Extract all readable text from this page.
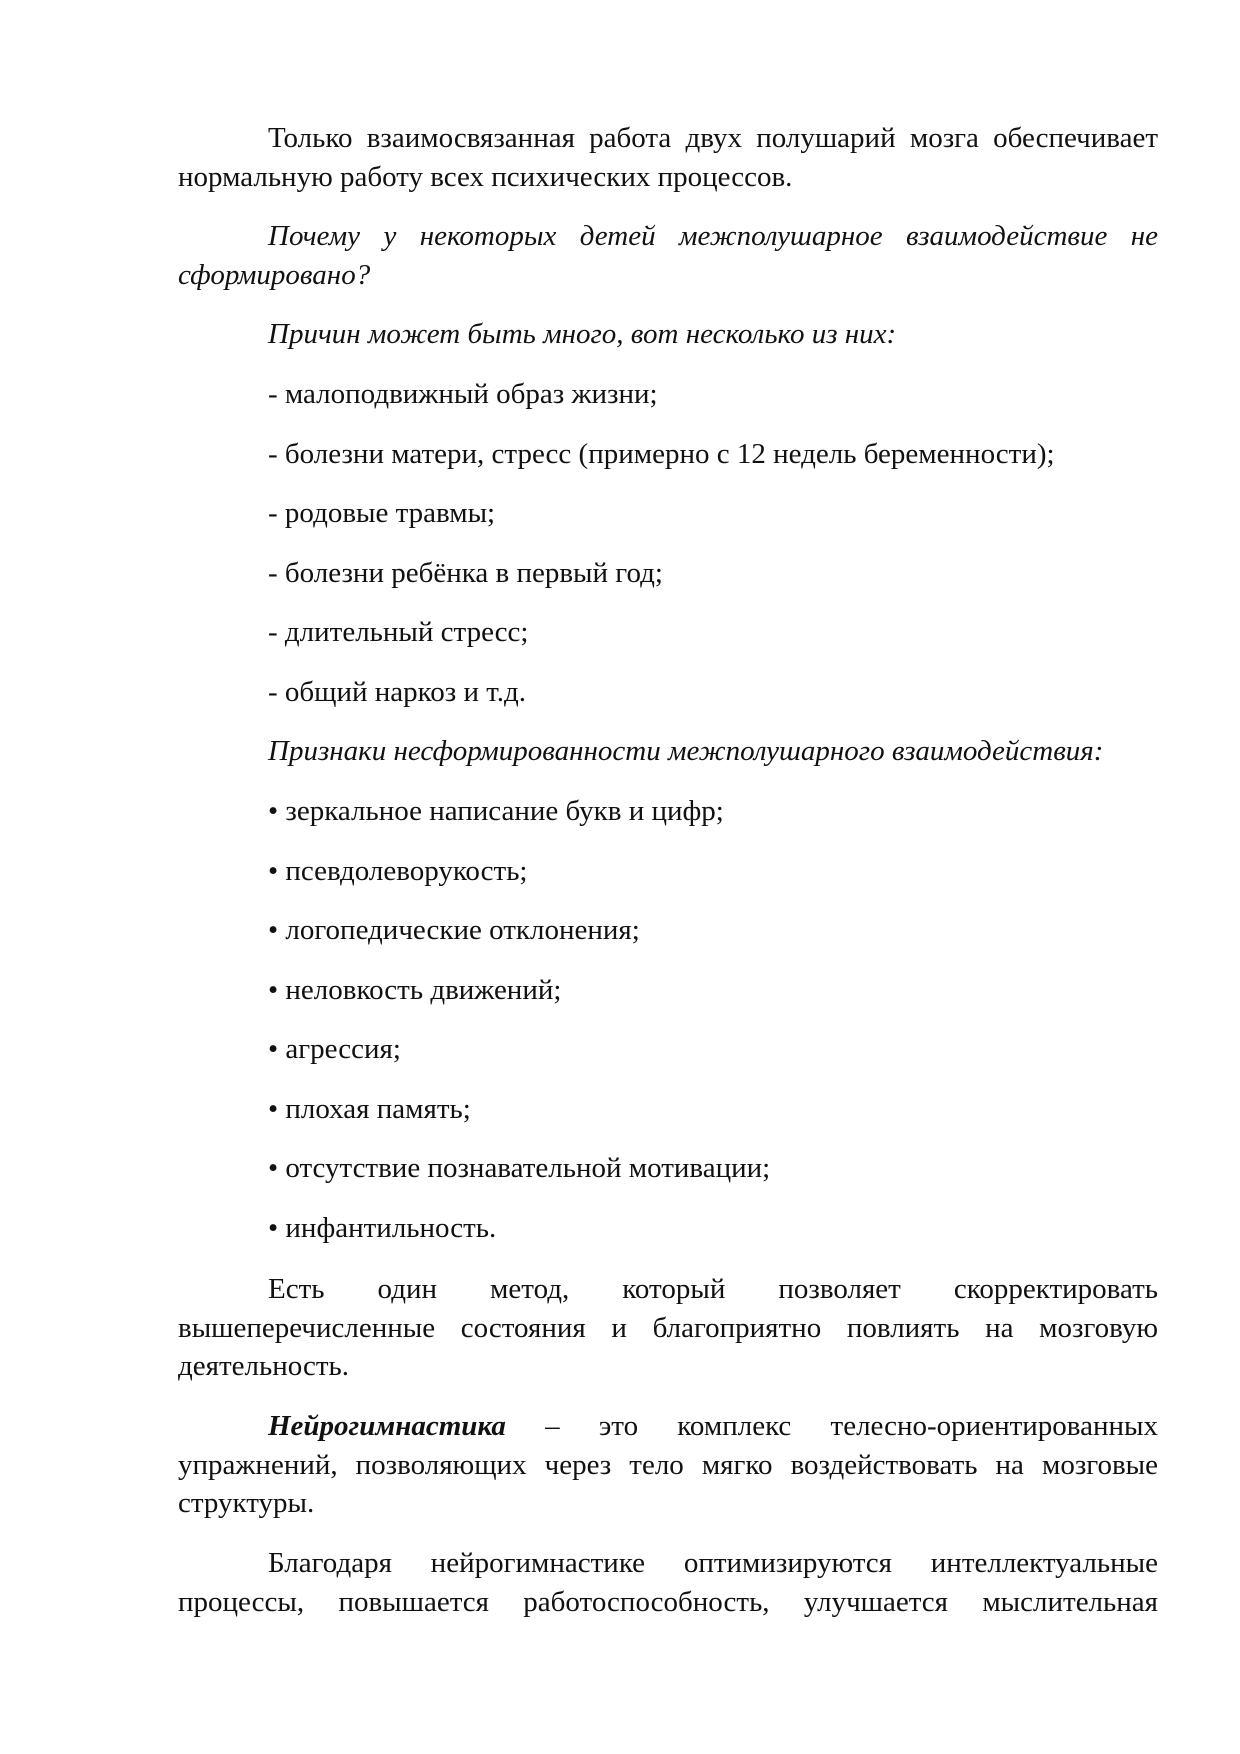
Только взаимосвязанная работа двух полушарий мозга обеспечивает
нормальную работу всех психических процессов.
Почему у некоторых детей межполушарное взаимодействие не
сформировано?
Причин может быть много, вот несколько из них:
- малоподвижный образ жизни;
- болезни матери, стресс (примерно с 12 недель беременности);
- родовые травмы;
- болезни ребёнка в первый год;
- длительный стресс;
- общий наркоз и т.д.
Признаки несформированности межполушарного взаимодействия:
• зеркальное написание букв и цифр;
• псевдолеворукость;
• логопедические отклонения;
• неловкость движений;
• агрессия;
• плохая память;
• отсутствие познавательной мотивации;
• инфантильность.
Есть один метод, который позволяет скорректировать
вышеперечисленные состояния и благоприятно повлиять на мозговую
деятельность.
Нейрогимнастика – это комплекс телесно-ориентированных
упражнений, позволяющих через тело мягко воздействовать на мозговые
структуры.
Благодаря нейрогимнастике оптимизируются интеллектуальные
процессы, повышается работоспособность, улучшается мыслительная
